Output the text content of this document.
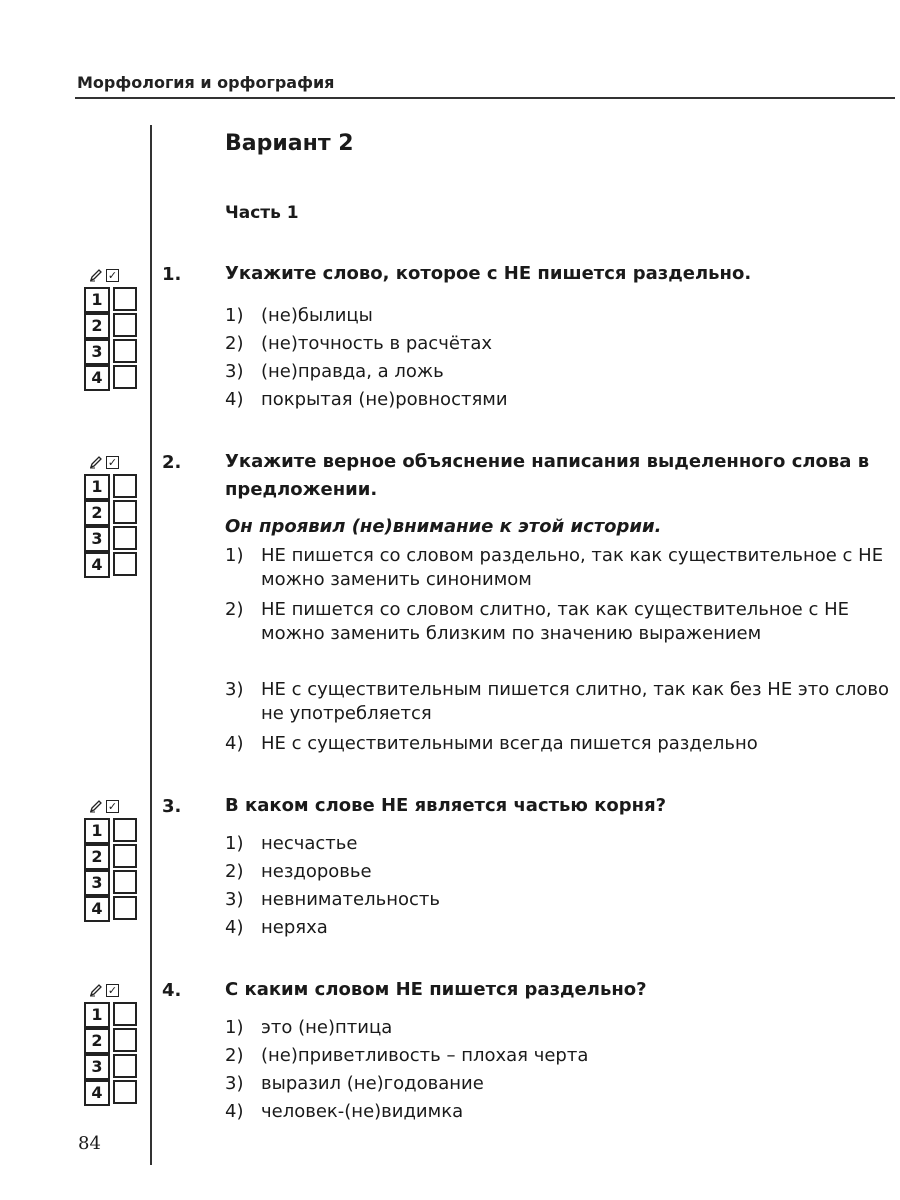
Морфология и орфография
Вариант 2
Часть 1
1. Укажите слово, которое с НЕ пишется раздельно.
1) (не)былицы
2) (не)точность в расчётах
3) (не)правда, а ложь
4) покрытая (не)ровностями
2. Укажите верное объяснение написания выделенного слова в предложении.
Он проявил (не)внимание к этой истории.
1) НЕ пишется со словом раздельно, так как существительное с НЕ можно заменить синонимом
2) НЕ пишется со словом слитно, так как существительное с НЕ можно заменить близким по значению выражением
3) НЕ с существительным пишется слитно, так как без НЕ это слово не употребляется
4) НЕ с существительными всегда пишется раздельно
3. В каком слове НЕ является частью корня?
1) несчастье
2) нездоровье
3) невнимательность
4) неряха
4. С каким словом НЕ пишется раздельно?
1) это (не)птица
2) (не)приветливость – плохая черта
3) выразил (не)годование
4) человек-(не)видимка
✓
1
2
3
4
✓
1
2
3
4
✓
1
2
3
4
✓
1
2
3
4
84
